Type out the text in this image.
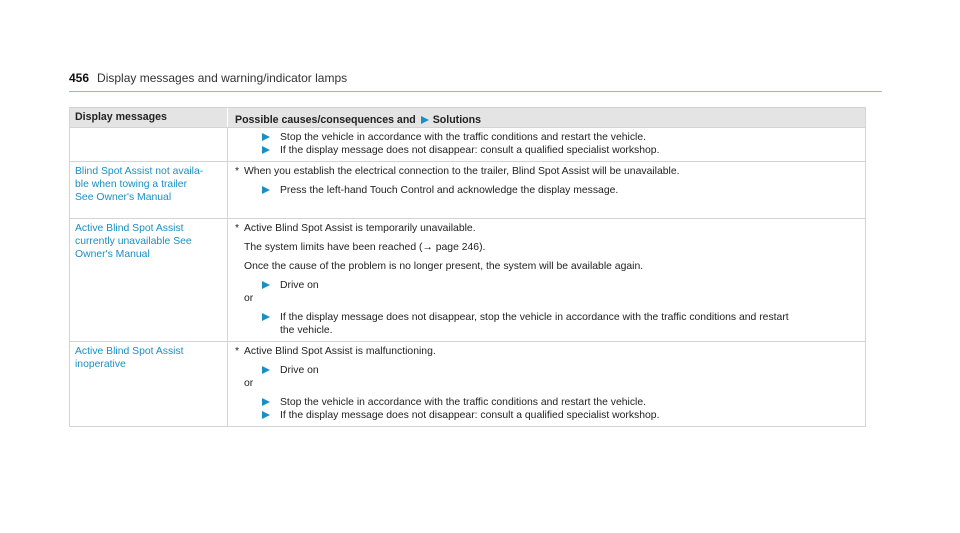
456 Display messages and warning/indicator lamps
Display messages	Possible causes/consequences and Solutions
Stop the vehicle in accordance with the traffic conditions and restart the vehicle.
If the display message does not disappear: consult a qualified specialist workshop.
Blind Spot Assist not availa-
ble when towing a trailer
See Owner's Manual
* When you establish the electrical connection to the trailer, Blind Spot Assist will be unavailable.
Press the left-hand Touch Control and acknowledge the display message.
Active Blind Spot Assist
currently unavailable See
Owner's Manual
* Active Blind Spot Assist is temporarily unavailable.
The system limits have been reached (→ page 246).
Once the cause of the problem is no longer present, the system will be available again.
Drive on
or
If the display message does not disappear, stop the vehicle in accordance with the traffic conditions and restart
the vehicle.
Active Blind Spot Assist
inoperative
* Active Blind Spot Assist is malfunctioning.
Drive on
or
Stop the vehicle in accordance with the traffic conditions and restart the vehicle.
If the display message does not disappear: consult a qualified specialist workshop.
